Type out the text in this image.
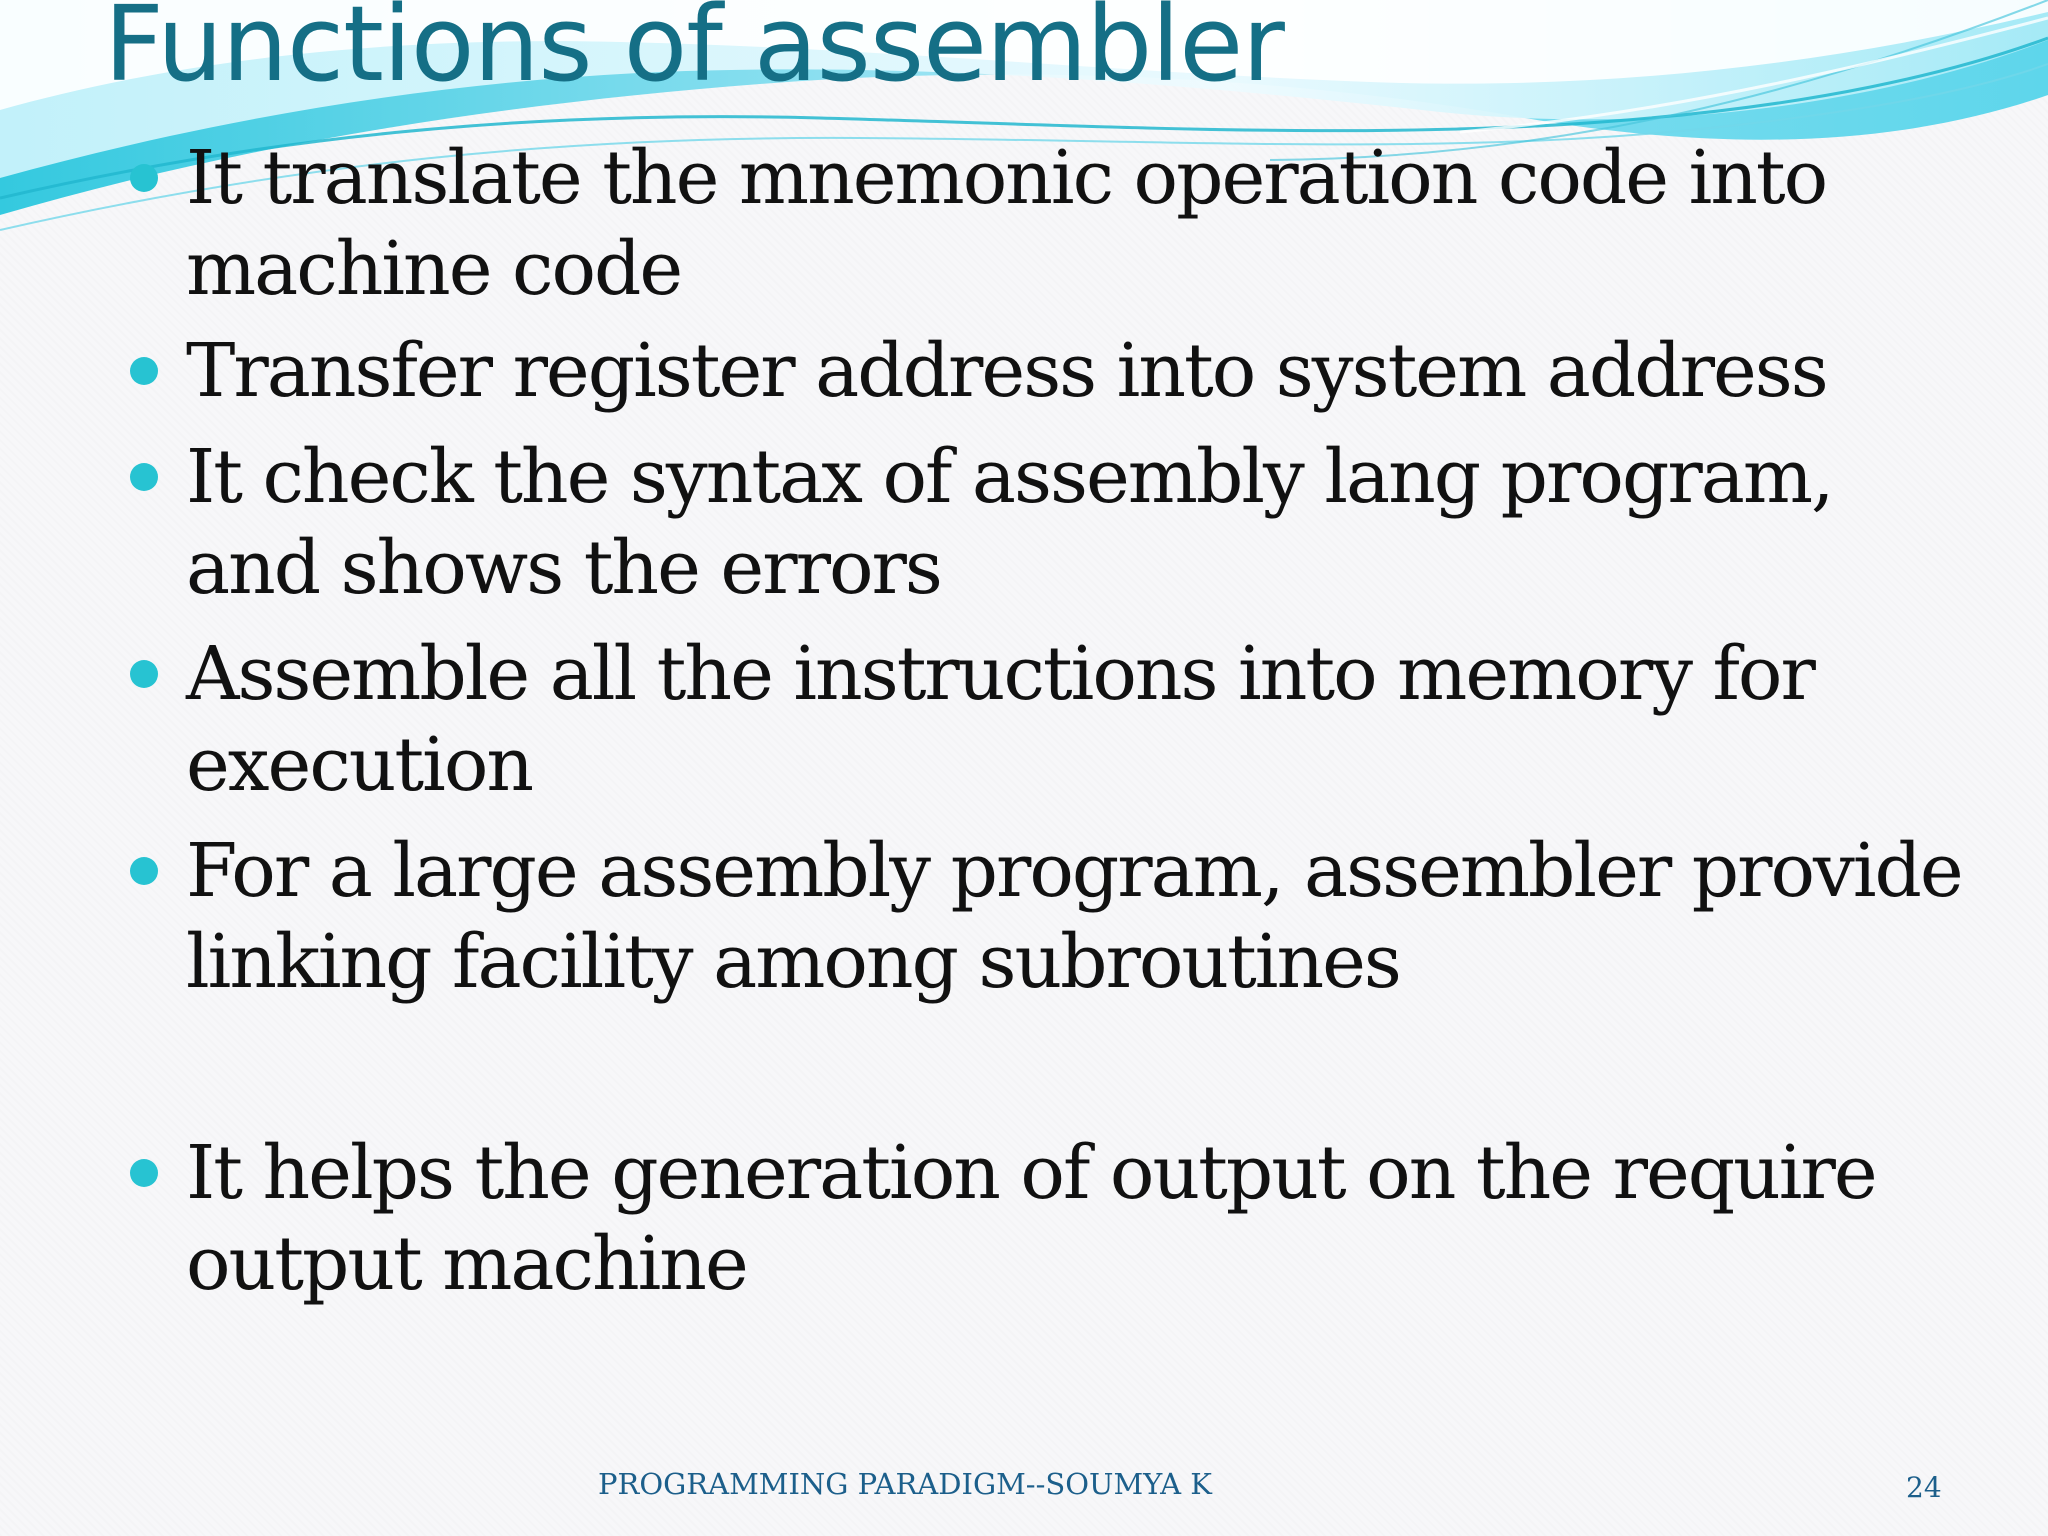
Functions of assembler
It translate the mnemonic operation code into machine code
Transfer register address into system address
It check the syntax of assembly lang program, and shows the errors
Assemble all the instructions into memory for execution
For a large assembly program, assembler provide linking facility among subroutines
It helps the generation of output on the require output machine
PROGRAMMING PARADIGM--SOUMYA K	24
